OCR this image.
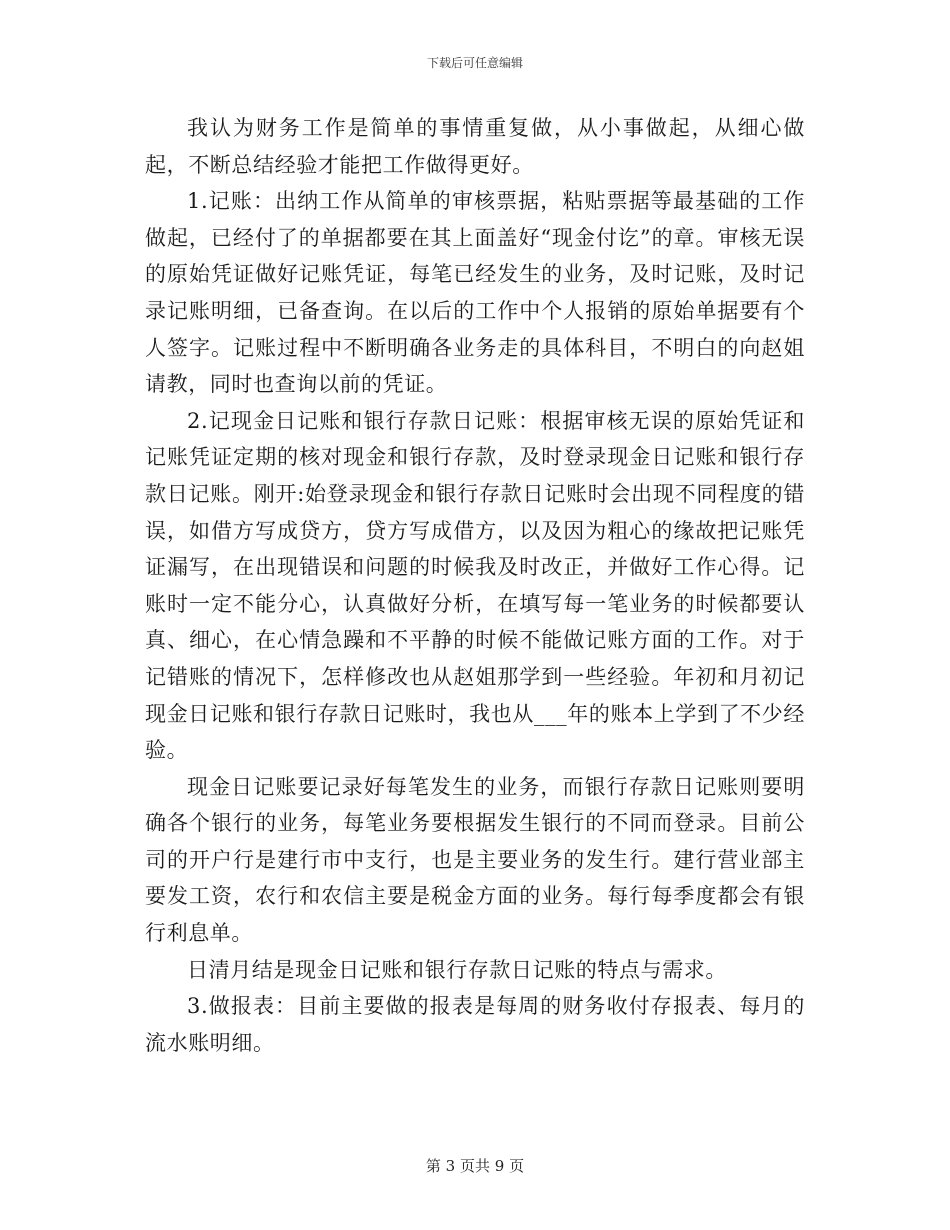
下载后可任意编辑

我认为财务工作是简单的事情重复做，从小事做起，从细心做起，不断总结经验才能把工作做得更好。

1.记账：出纳工作从简单的审核票据，粘贴票据等最基础的工作做起，已经付了的单据都要在其上面盖好“现金付讫”的章。审核无误的原始凭证做好记账凭证，每笔已经发生的业务，及时记账，及时记录记账明细，已备查询。在以后的工作中个人报销的原始单据要有个人签字。记账过程中不断明确各业务走的具体科目，不明白的向赵姐请教，同时也查询以前的凭证。

2.记现金日记账和银行存款日记账：根据审核无误的原始凭证和记账凭证定期的核对现金和银行存款，及时登录现金日记账和银行存款日记账。刚开:始登录现金和银行存款日记账时会出现不同程度的错误，如借方写成贷方，贷方写成借方，以及因为粗心的缘故把记账凭证漏写，在出现错误和问题的时候我及时改正，并做好工作心得。记账时一定不能分心，认真做好分析，在填写每一笔业务的时候都要认真、细心，在心情急躁和不平静的时候不能做记账方面的工作。对于记错账的情况下，怎样修改也从赵姐那学到一些经验。年初和月初记现金日记账和银行存款日记账时，我也从___年的账本上学到了不少经验。

现金日记账要记录好每笔发生的业务，而银行存款日记账则要明确各个银行的业务，每笔业务要根据发生银行的不同而登录。目前公司的开户行是建行市中支行，也是主要业务的发生行。建行营业部主要发工资，农行和农信主要是税金方面的业务。每行每季度都会有银行利息单。

日清月结是现金日记账和银行存款日记账的特点与需求。

3.做报表：目前主要做的报表是每周的财务收付存报表、每月的流水账明细。

第 3 页共 9 页
